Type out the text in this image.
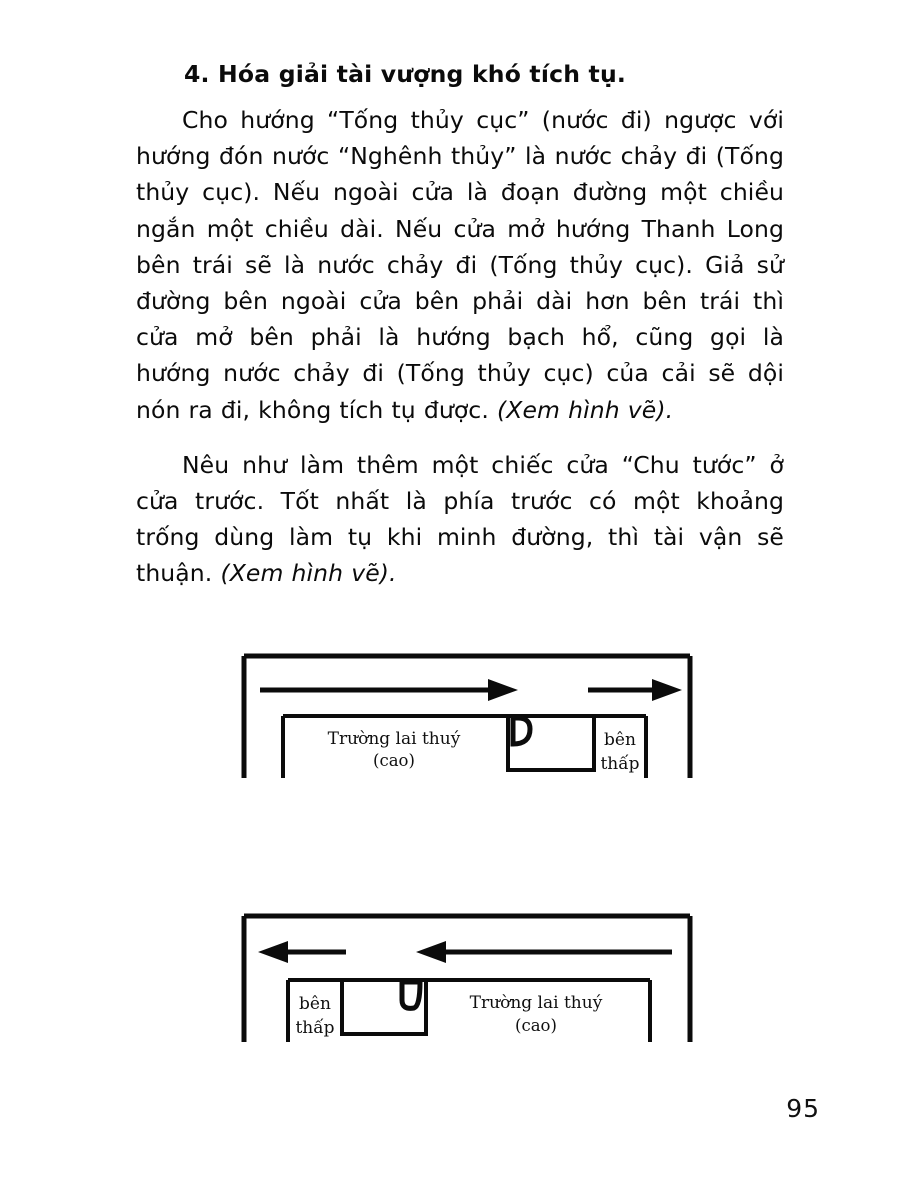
4. Hóa giải tài vượng khó tích tụ.

Cho hướng “Tống thủy cục” (nước đi) ngược với
hướng đón nước “Nghênh thủy” là nước chảy đi (Tống
thủy cục). Nếu ngoài cửa là đoạn đường một chiều
ngắn một chiều dài. Nếu cửa mở hướng Thanh Long
bên trái sẽ là nước chảy đi (Tống thủy cục). Giả sử
đường bên ngoài cửa bên phải dài hơn bên trái thì
cửa mở bên phải là hướng bạch hổ, cũng gọi là
hướng nước chảy đi (Tống thủy cục) của cải sẽ dội
nón ra đi, không tích tụ được. (Xem hình vẽ).

Nêu như làm thêm một chiếc cửa “Chu tước” ở
cửa trước. Tốt nhất là phía trước có một khoảng
trống dùng làm tụ khi minh đường, thì tài vận sẽ
thuận. (Xem hình vẽ).

Trường lai thuý
(cao)
bên
thấp
bên
thấp
Trường lai thuý
(cao)
95
